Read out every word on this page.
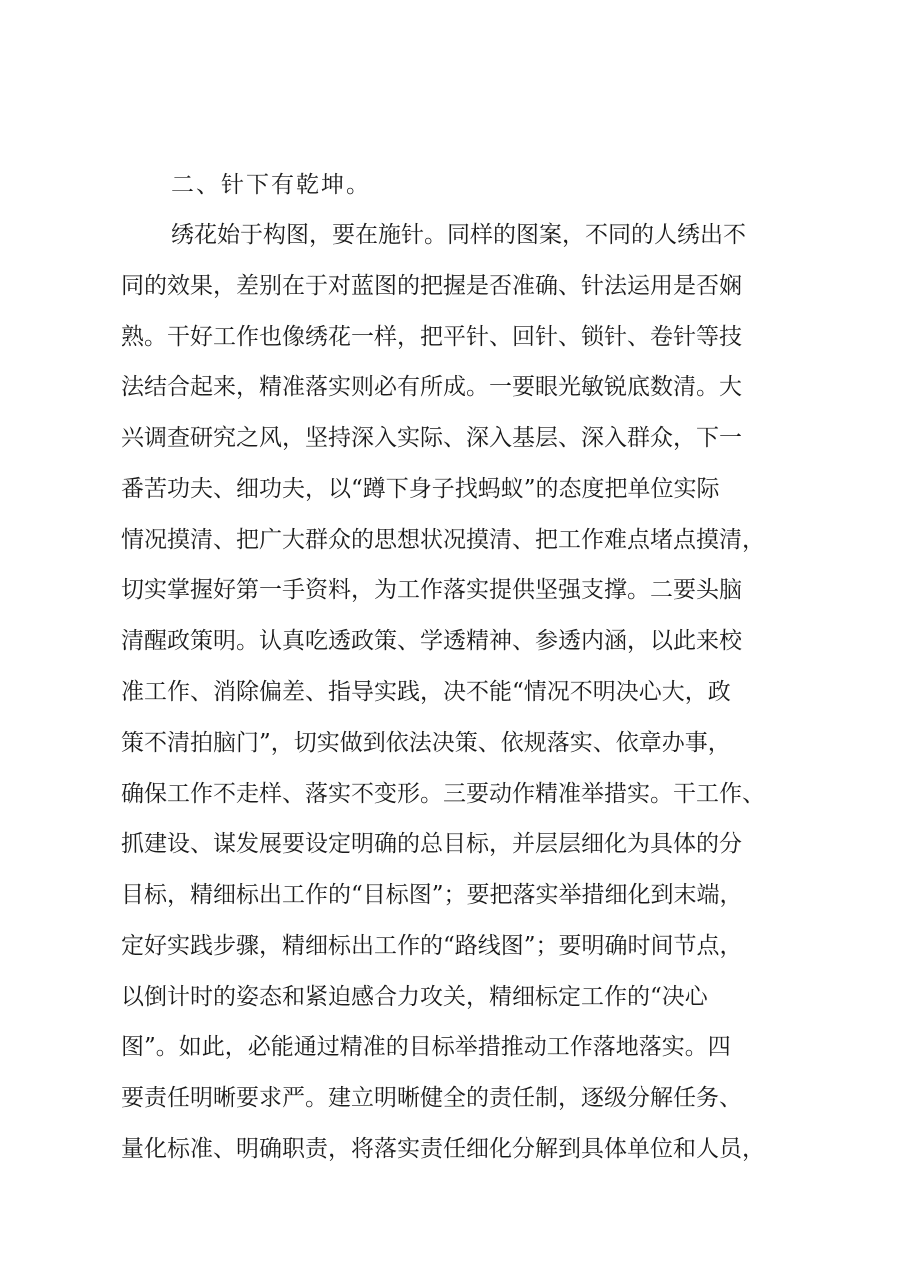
二、针下有乾坤。
绣花始于构图，要在施针。同样的图案，不同的人绣出不
同的效果，差别在于对蓝图的把握是否准确、针法运用是否娴
熟。干好工作也像绣花一样，把平针、回针、锁针、卷针等技
法结合起来，精准落实则必有所成。一要眼光敏锐底数清。大
兴调查研究之风，坚持深入实际、深入基层、深入群众，下一
番苦功夫、细功夫，以“蹲下身子找蚂蚁”的态度把单位实际
情况摸清、把广大群众的思想状况摸清、把工作难点堵点摸清，
切实掌握好第一手资料，为工作落实提供坚强支撑。二要头脑
清醒政策明。认真吃透政策、学透精神、参透内涵，以此来校
准工作、消除偏差、指导实践，决不能“情况不明决心大，政
策不清拍脑门”，切实做到依法决策、依规落实、依章办事，
确保工作不走样、落实不变形。三要动作精准举措实。干工作、
抓建设、谋发展要设定明确的总目标，并层层细化为具体的分
目标，精细标出工作的“目标图”；要把落实举措细化到末端，
定好实践步骤，精细标出工作的“路线图”；要明确时间节点，
以倒计时的姿态和紧迫感合力攻关，精细标定工作的“决心
图”。如此，必能通过精准的目标举措推动工作落地落实。四
要责任明晰要求严。建立明晰健全的责任制，逐级分解任务、
量化标准、明确职责，将落实责任细化分解到具体单位和人员，
